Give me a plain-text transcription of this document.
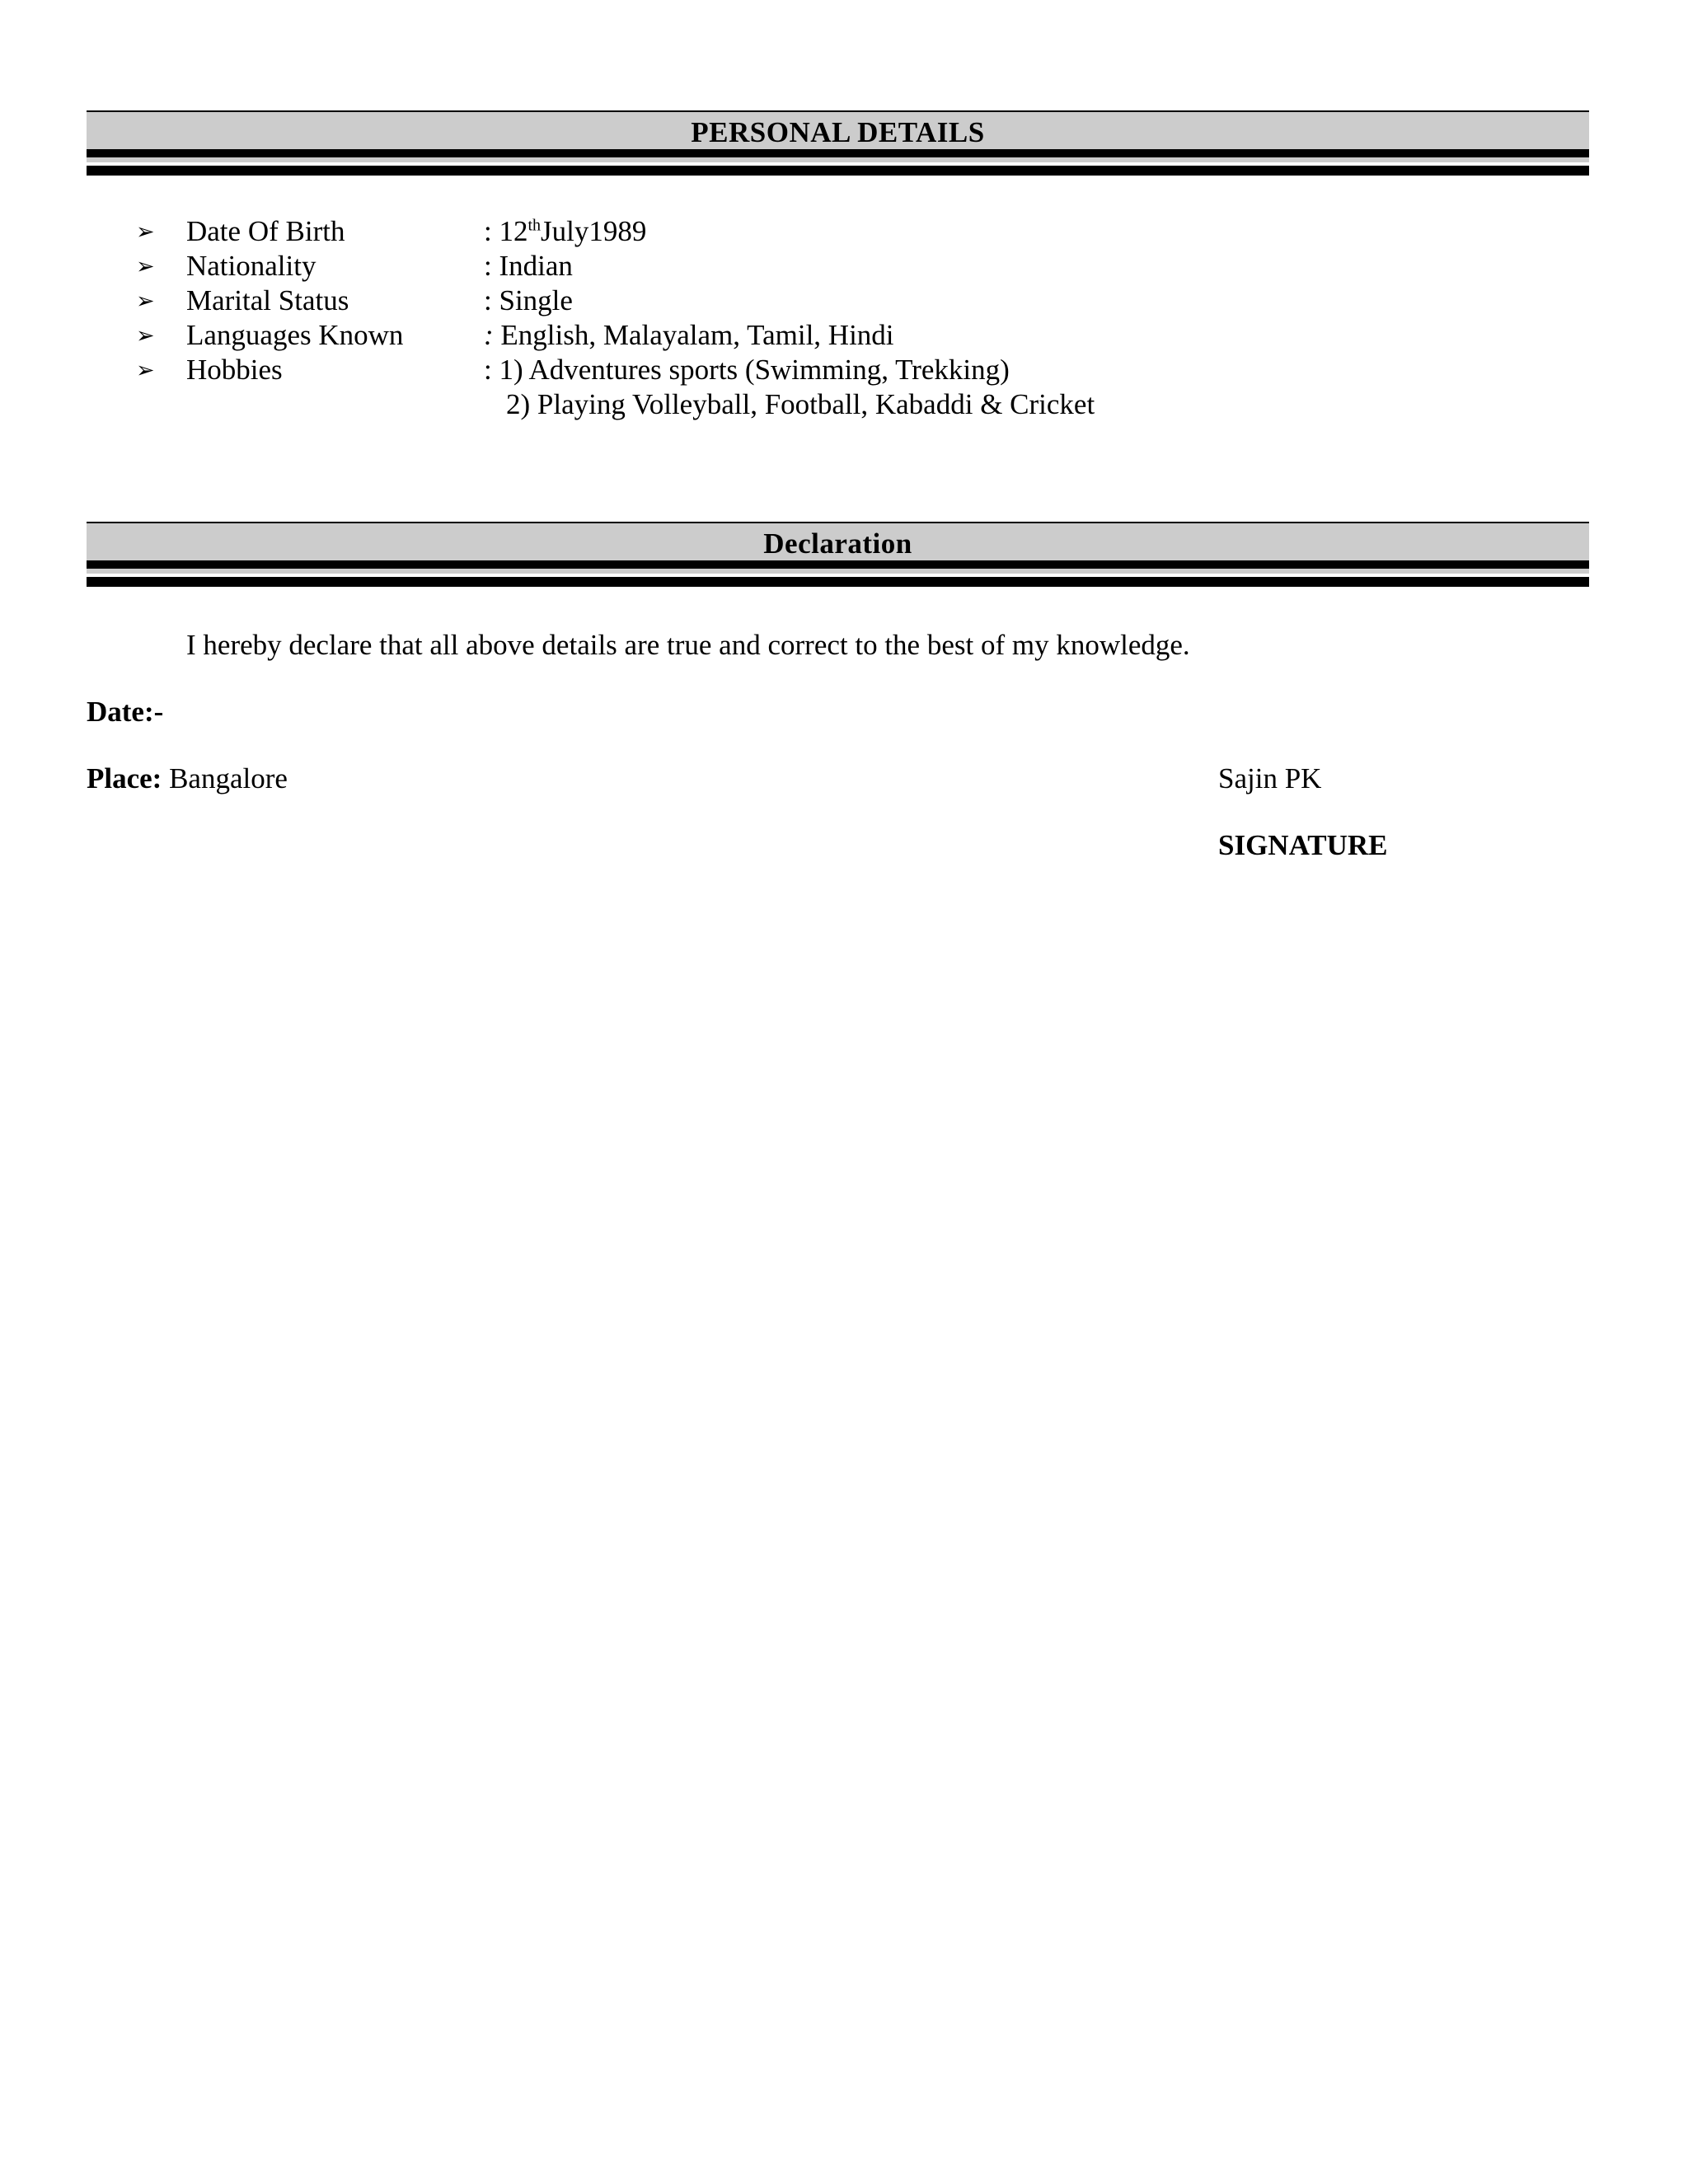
PERSONAL DETAILS
➢ Date Of Birth	: 12thJuly1989
➢ Nationality	: Indian
➢ Marital Status	: Single
➢ Languages Known	: English, Malayalam, Tamil, Hindi
➢ Hobbies	: 1) Adventures sports (Swimming, Trekking)
2) Playing Volleyball, Football, Kabaddi & Cricket
Declaration
I hereby declare that all above details are true and correct to the best of my knowledge.
Date:-
Place: Bangalore	Sajin PK
SIGNATURE
